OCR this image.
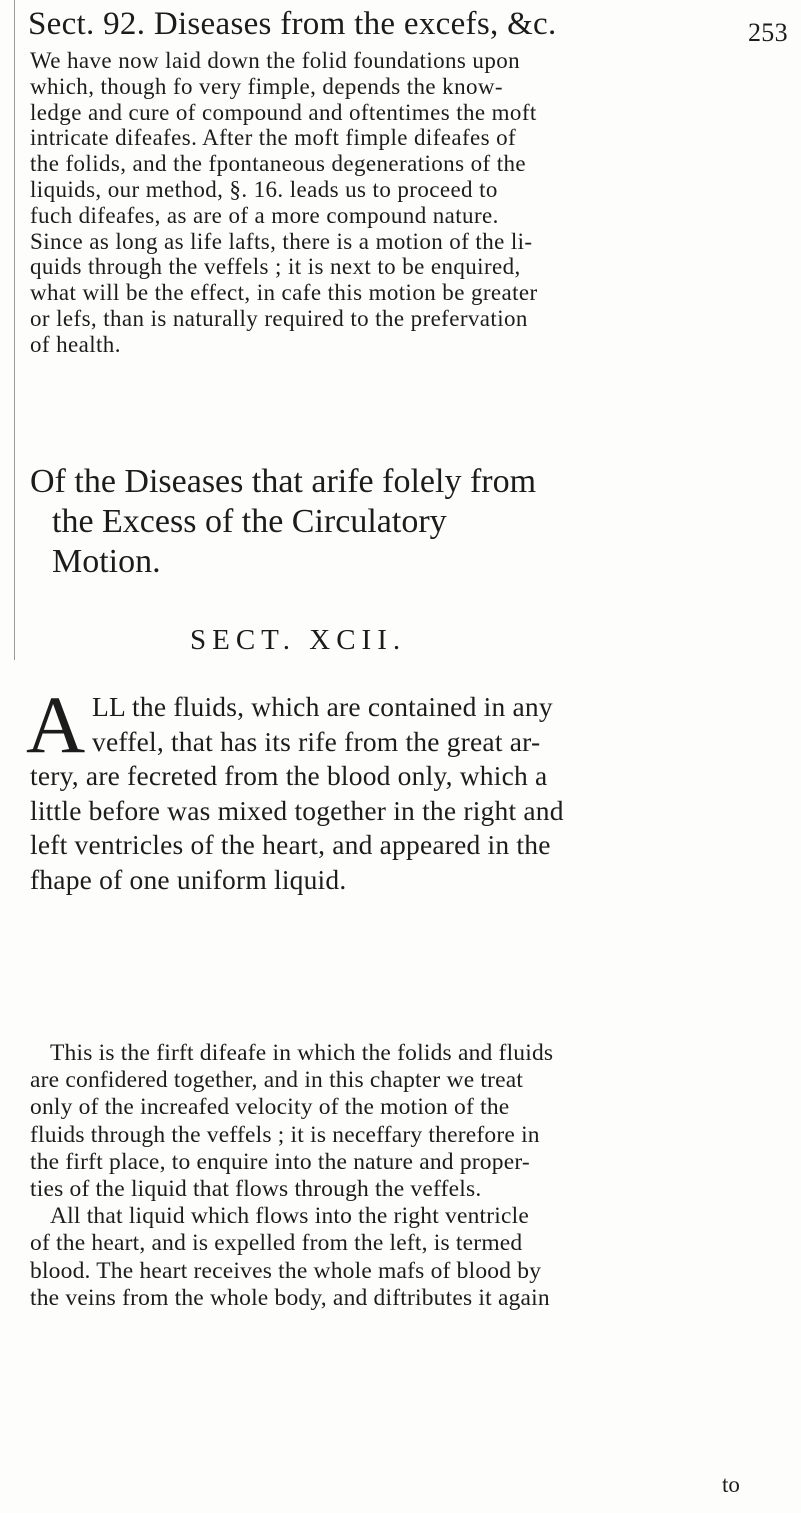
Sect. 92. Diseases from the excefs, &c.	253
We have now laid down the folid foundations upon
which, though fo very fimple, depends the know-
ledge and cure of compound and oftentimes the moft
intricate difeafes. After the moft fimple difeafes of
the folids, and the fpontaneous degenerations of the
liquids, our method, §. 16. leads us to proceed to
fuch difeafes, as are of a more compound nature.
Since as long as life lafts, there is a motion of the li-
quids through the veffels ; it is next to be enquired,
what will be the effect, in cafe this motion be greater
or lefs, than is naturally required to the prefervation
of health.
Of the Diseases that arife folely from
the Excess of the Circulatory
Motion.
SECT. XCII.
A LL the fluids, which are contained in any
veffel, that has its rife from the great ar-
tery, are fecreted from the blood only, which a
little before was mixed together in the right and
left ventricles of the heart, and appeared in the
fhape of one uniform liquid.
This is the firft difeafe in which the folids and fluids
are confidered together, and in this chapter we treat
only of the increafed velocity of the motion of the
fluids through the veffels ; it is neceffary therefore in
the firft place, to enquire into the nature and proper-
ties of the liquid that flows through the veffels.
All that liquid which flows into the right ventricle
of the heart, and is expelled from the left, is termed
blood. The heart receives the whole mafs of blood by
the veins from the whole body, and diftributes it again
to
